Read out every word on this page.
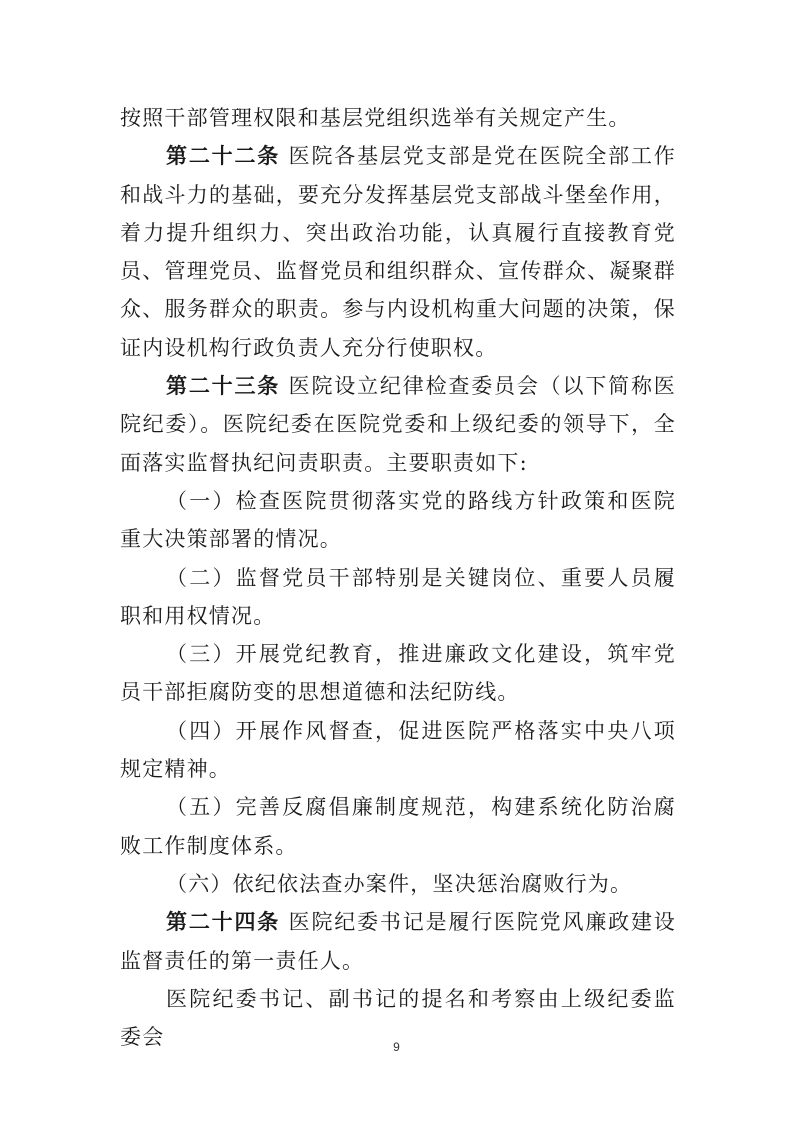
按照干部管理权限和基层党组织选举有关规定产生。

第二十二条 医院各基层党支部是党在医院全部工作和战斗力的基础，要充分发挥基层党支部战斗堡垒作用，着力提升组织力、突出政治功能，认真履行直接教育党员、管理党员、监督党员和组织群众、宣传群众、凝聚群众、服务群众的职责。参与内设机构重大问题的决策，保证内设机构行政负责人充分行使职权。

第二十三条 医院设立纪律检查委员会（以下简称医院纪委）。医院纪委在医院党委和上级纪委的领导下，全面落实监督执纪问责职责。主要职责如下:

（一）检查医院贯彻落实党的路线方针政策和医院重大决策部署的情况。

（二）监督党员干部特别是关键岗位、重要人员履职和用权情况。

（三）开展党纪教育，推进廉政文化建设，筑牢党员干部拒腐防变的思想道德和法纪防线。

（四）开展作风督查，促进医院严格落实中央八项规定精神。

（五）完善反腐倡廉制度规范，构建系统化防治腐败工作制度体系。

（六）依纪依法查办案件，坚决惩治腐败行为。

第二十四条 医院纪委书记是履行医院党风廉政建设监督责任的第一责任人。

医院纪委书记、副书记的提名和考察由上级纪委监委会	9
